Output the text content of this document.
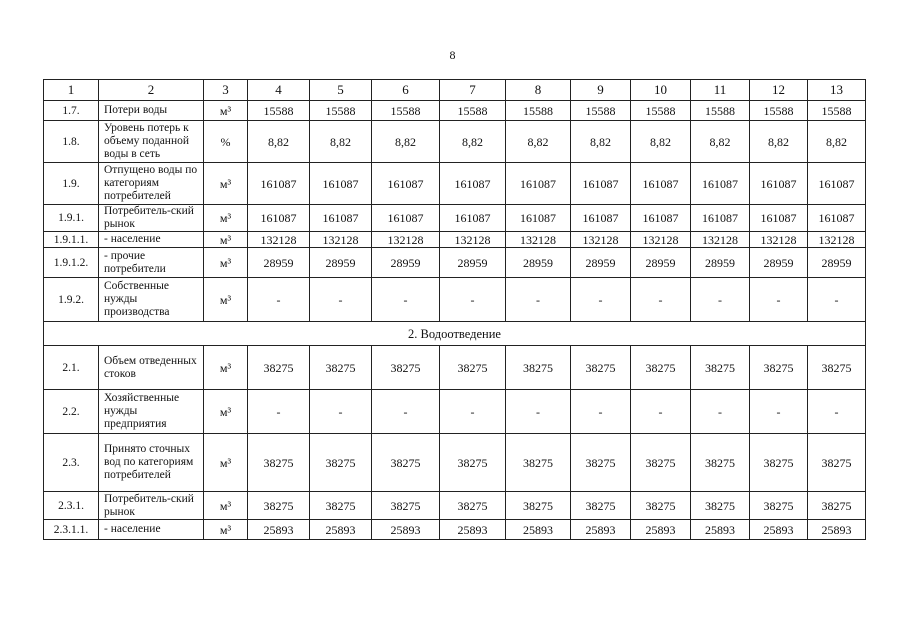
8
1	2	3	4	5	6	7	8	9	10	11	12	13
1.7.	Потери воды	м³	15588	15588	15588	15588	15588	15588	15588	15588	15588	15588
1.8.	Уровень потерь к объему поданной воды в сеть	%	8,82	8,82	8,82	8,82	8,82	8,82	8,82	8,82	8,82	8,82
1.9.	Отпущено воды по категориям потребителей	м³	161087	161087	161087	161087	161087	161087	161087	161087	161087	161087
1.9.1.	Потребитель-ский рынок	м³	161087	161087	161087	161087	161087	161087	161087	161087	161087	161087
1.9.1.1.	- население	м³	132128	132128	132128	132128	132128	132128	132128	132128	132128	132128
1.9.1.2.	- прочие потребители	м³	28959	28959	28959	28959	28959	28959	28959	28959	28959	28959
1.9.2.	Собственные нужды производства	м³	-	-	-	-	-	-	-	-	-	-
2. Водоотведение												
2.1.	Объем отведенных стоков	м³	38275	38275	38275	38275	38275	38275	38275	38275	38275	38275
2.2.	Хозяйственные нужды предприятия	м³	-	-	-	-	-	-	-	-	-	-
2.3.	Принято сточных вод по категориям потребителей	м³	38275	38275	38275	38275	38275	38275	38275	38275	38275	38275
2.3.1.	Потребитель-ский рынок	м³	38275	38275	38275	38275	38275	38275	38275	38275	38275	38275
2.3.1.1.	- население	м³	25893	25893	25893	25893	25893	25893	25893	25893	25893	25893
